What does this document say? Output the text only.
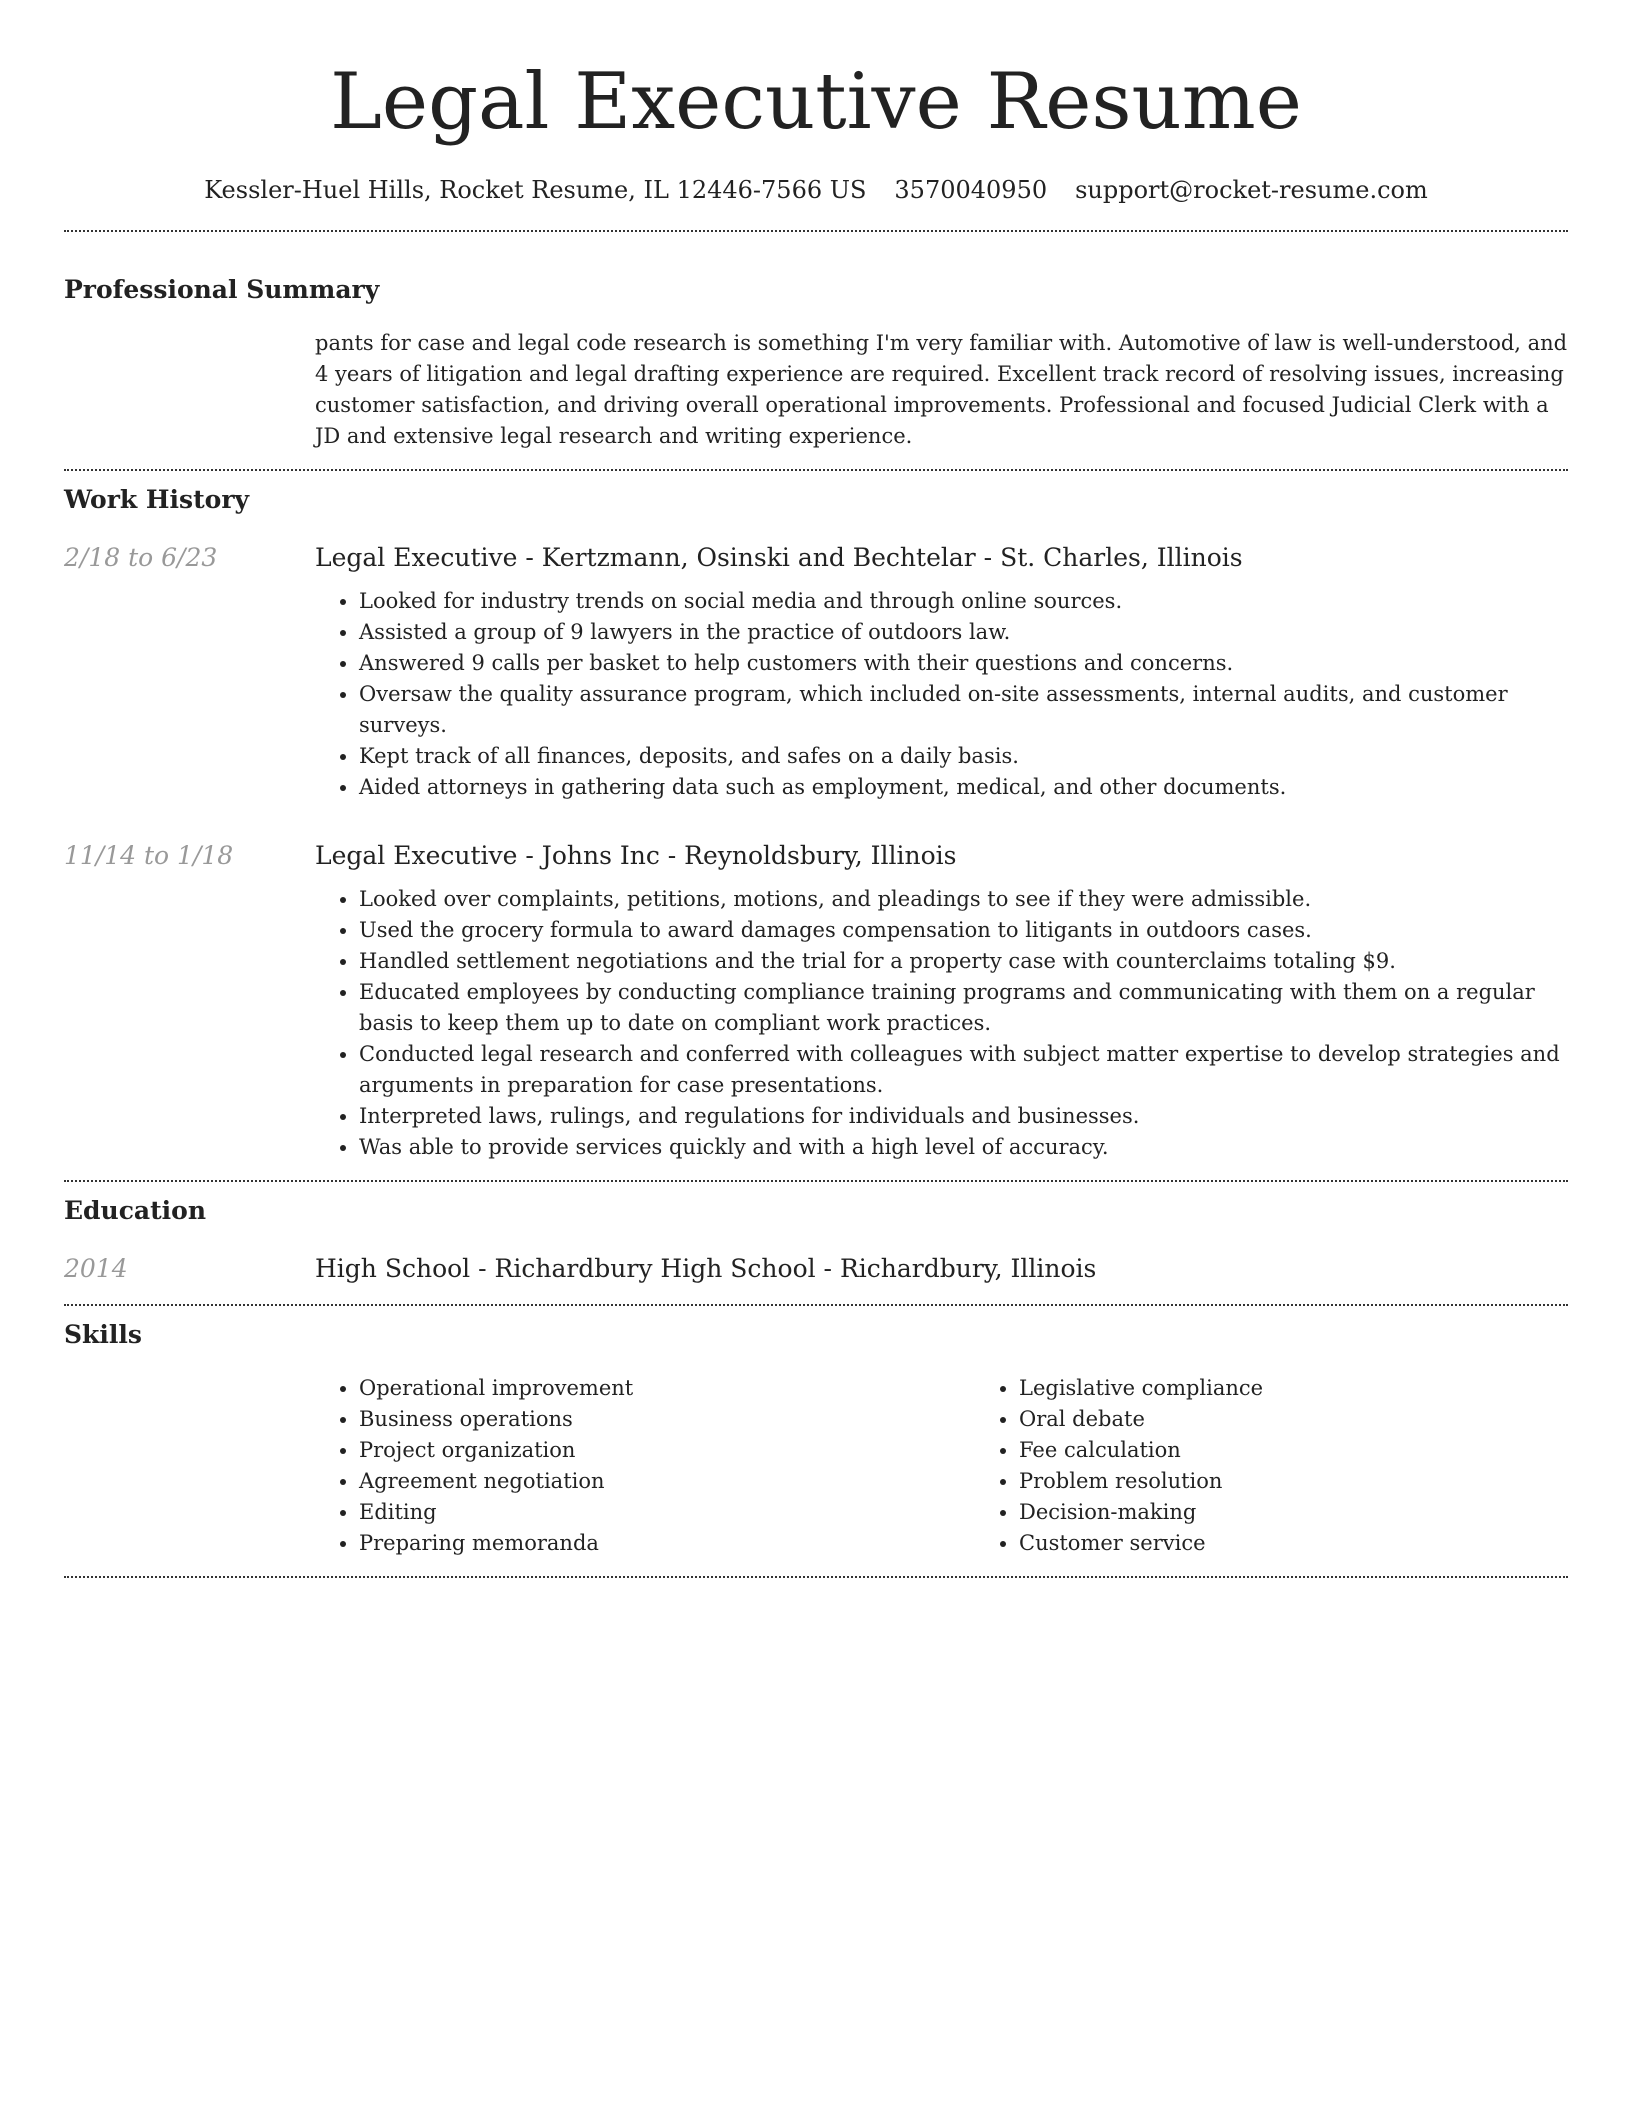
Legal Executive Resume
Kessler-Huel Hills, Rocket Resume, IL 12446-7566 US 3570040950 support@rocket-resume.com
Professional Summary
pants for case and legal code research is something I'm very familiar with. Automotive of law is well-understood, and 4 years of litigation and legal drafting experience are required. Excellent track record of resolving issues, increasing customer satisfaction, and driving overall operational improvements. Professional and focused Judicial Clerk with a JD and extensive legal research and writing experience.
Work History
2/18 to 6/23	Legal Executive - Kertzmann, Osinski and Bechtelar - St. Charles, Illinois
• Looked for industry trends on social media and through online sources.
• Assisted a group of 9 lawyers in the practice of outdoors law.
• Answered 9 calls per basket to help customers with their questions and concerns.
• Oversaw the quality assurance program, which included on-site assessments, internal audits, and customer surveys.
• Kept track of all finances, deposits, and safes on a daily basis.
• Aided attorneys in gathering data such as employment, medical, and other documents.
11/14 to 1/18	Legal Executive - Johns Inc - Reynoldsbury, Illinois
• Looked over complaints, petitions, motions, and pleadings to see if they were admissible.
• Used the grocery formula to award damages compensation to litigants in outdoors cases.
• Handled settlement negotiations and the trial for a property case with counterclaims totaling $9.
• Educated employees by conducting compliance training programs and communicating with them on a regular basis to keep them up to date on compliant work practices.
• Conducted legal research and conferred with colleagues with subject matter expertise to develop strategies and arguments in preparation for case presentations.
• Interpreted laws, rulings, and regulations for individuals and businesses.
• Was able to provide services quickly and with a high level of accuracy.
Education
2014	High School - Richardbury High School - Richardbury, Illinois
Skills
• Operational improvement
• Business operations
• Project organization
• Agreement negotiation
• Editing
• Preparing memoranda
• Legislative compliance
• Oral debate
• Fee calculation
• Problem resolution
• Decision-making
• Customer service
